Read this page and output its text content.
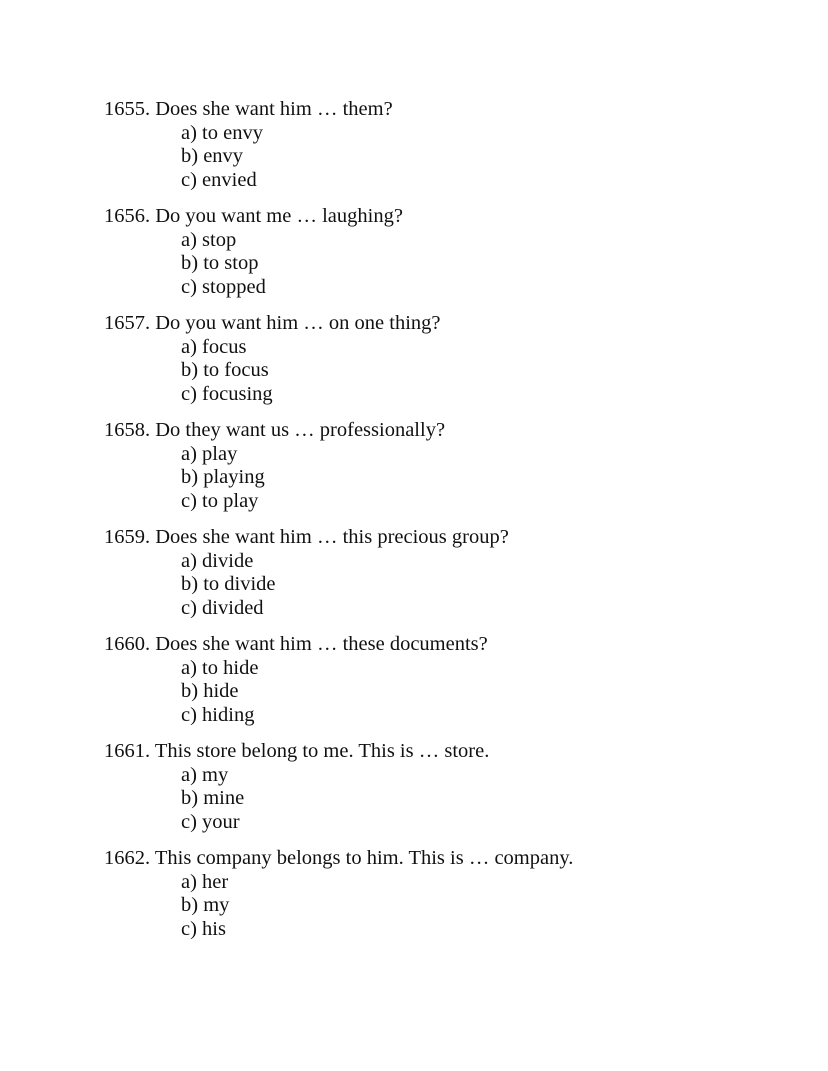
1655. Does she want him … them?
a) to envy
b) envy
c) envied
1656. Do you want me … laughing?
a) stop
b) to stop
c) stopped
1657. Do you want him … on one thing?
a) focus
b) to focus
c) focusing
1658. Do they want us … professionally?
a) play
b) playing
c) to play
1659. Does she want him … this precious group?
a) divide
b) to divide
c) divided
1660. Does she want him … these documents?
a) to hide
b) hide
c) hiding
1661. This store belong to me. This is … store.
a) my
b) mine
c) your
1662. This company belongs to him. This is … company.
a) her
b) my
c) his
